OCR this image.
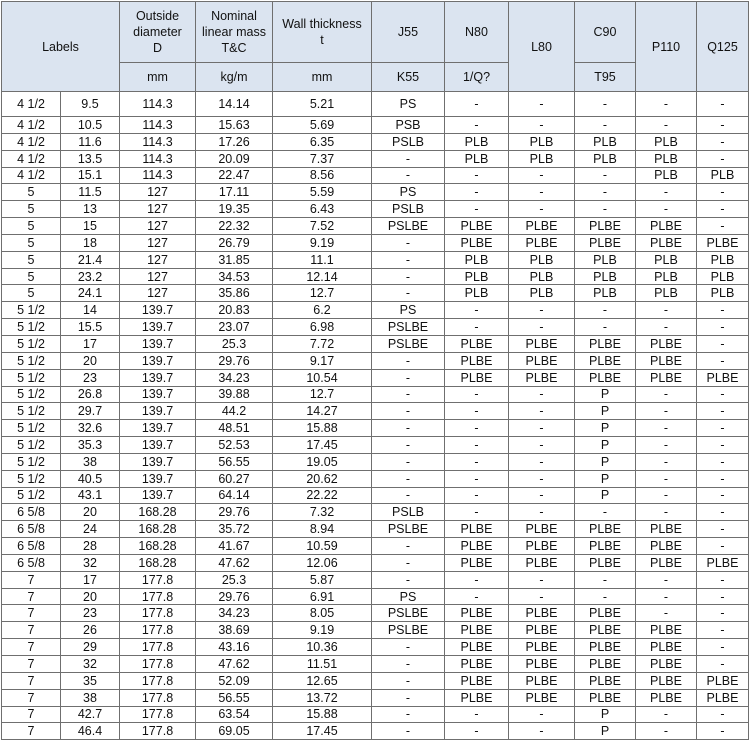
Labels		Outside
diameter
D	Nominal
linear mass
T&C	Wall thickness
t	J55	N80	L80	C90	P110	Q125
		mm	kg/m	mm	K55	1/Q?		T95		
4 1/2	9.5	114.3	14.14	5.21	PS	-	-	-	-	-
4 1/2	10.5	114.3	15.63	5.69	PSB	-	-	-	-	-
4 1/2	11.6	114.3	17.26	6.35	PSLB	PLB	PLB	PLB	PLB	-
4 1/2	13.5	114.3	20.09	7.37	-	PLB	PLB	PLB	PLB	-
4 1/2	15.1	114.3	22.47	8.56	-	-	-	-	PLB	PLB
5	11.5	127	17.11	5.59	PS	-	-	-	-	-
5	13	127	19.35	6.43	PSLB	-	-	-	-	-
5	15	127	22.32	7.52	PSLBE	PLBE	PLBE	PLBE	PLBE	-
5	18	127	26.79	9.19	-	PLBE	PLBE	PLBE	PLBE	PLBE
5	21.4	127	31.85	11.1	-	PLB	PLB	PLB	PLB	PLB
5	23.2	127	34.53	12.14	-	PLB	PLB	PLB	PLB	PLB
5	24.1	127	35.86	12.7	-	PLB	PLB	PLB	PLB	PLB
5 1/2	14	139.7	20.83	6.2	PS	-	-	-	-	-
5 1/2	15.5	139.7	23.07	6.98	PSLBE	-	-	-	-	-
5 1/2	17	139.7	25.3	7.72	PSLBE	PLBE	PLBE	PLBE	PLBE	-
5 1/2	20	139.7	29.76	9.17	-	PLBE	PLBE	PLBE	PLBE	-
5 1/2	23	139.7	34.23	10.54	-	PLBE	PLBE	PLBE	PLBE	PLBE
5 1/2	26.8	139.7	39.88	12.7	-	-	-	P	-	-
5 1/2	29.7	139.7	44.2	14.27	-	-	-	P	-	-
5 1/2	32.6	139.7	48.51	15.88	-	-	-	P	-	-
5 1/2	35.3	139.7	52.53	17.45	-	-	-	P	-	-
5 1/2	38	139.7	56.55	19.05	-	-	-	P	-	-
5 1/2	40.5	139.7	60.27	20.62	-	-	-	P	-	-
5 1/2	43.1	139.7	64.14	22.22	-	-	-	P	-	-
6 5/8	20	168.28	29.76	7.32	PSLB	-	-	-	-	-
6 5/8	24	168.28	35.72	8.94	PSLBE	PLBE	PLBE	PLBE	PLBE	-
6 5/8	28	168.28	41.67	10.59	-	PLBE	PLBE	PLBE	PLBE	-
6 5/8	32	168.28	47.62	12.06	-	PLBE	PLBE	PLBE	PLBE	PLBE
7	17	177.8	25.3	5.87	-	-	-	-	-	-
7	20	177.8	29.76	6.91	PS	-	-	-	-	-
7	23	177.8	34.23	8.05	PSLBE	PLBE	PLBE	PLBE	-	-
7	26	177.8	38.69	9.19	PSLBE	PLBE	PLBE	PLBE	PLBE	-
7	29	177.8	43.16	10.36	-	PLBE	PLBE	PLBE	PLBE	-
7	32	177.8	47.62	11.51	-	PLBE	PLBE	PLBE	PLBE	-
7	35	177.8	52.09	12.65	-	PLBE	PLBE	PLBE	PLBE	PLBE
7	38	177.8	56.55	13.72	-	PLBE	PLBE	PLBE	PLBE	PLBE
7	42.7	177.8	63.54	15.88	-	-	-	P	-	-
7	46.4	177.8	69.05	17.45	-	-	-	P	-	-
